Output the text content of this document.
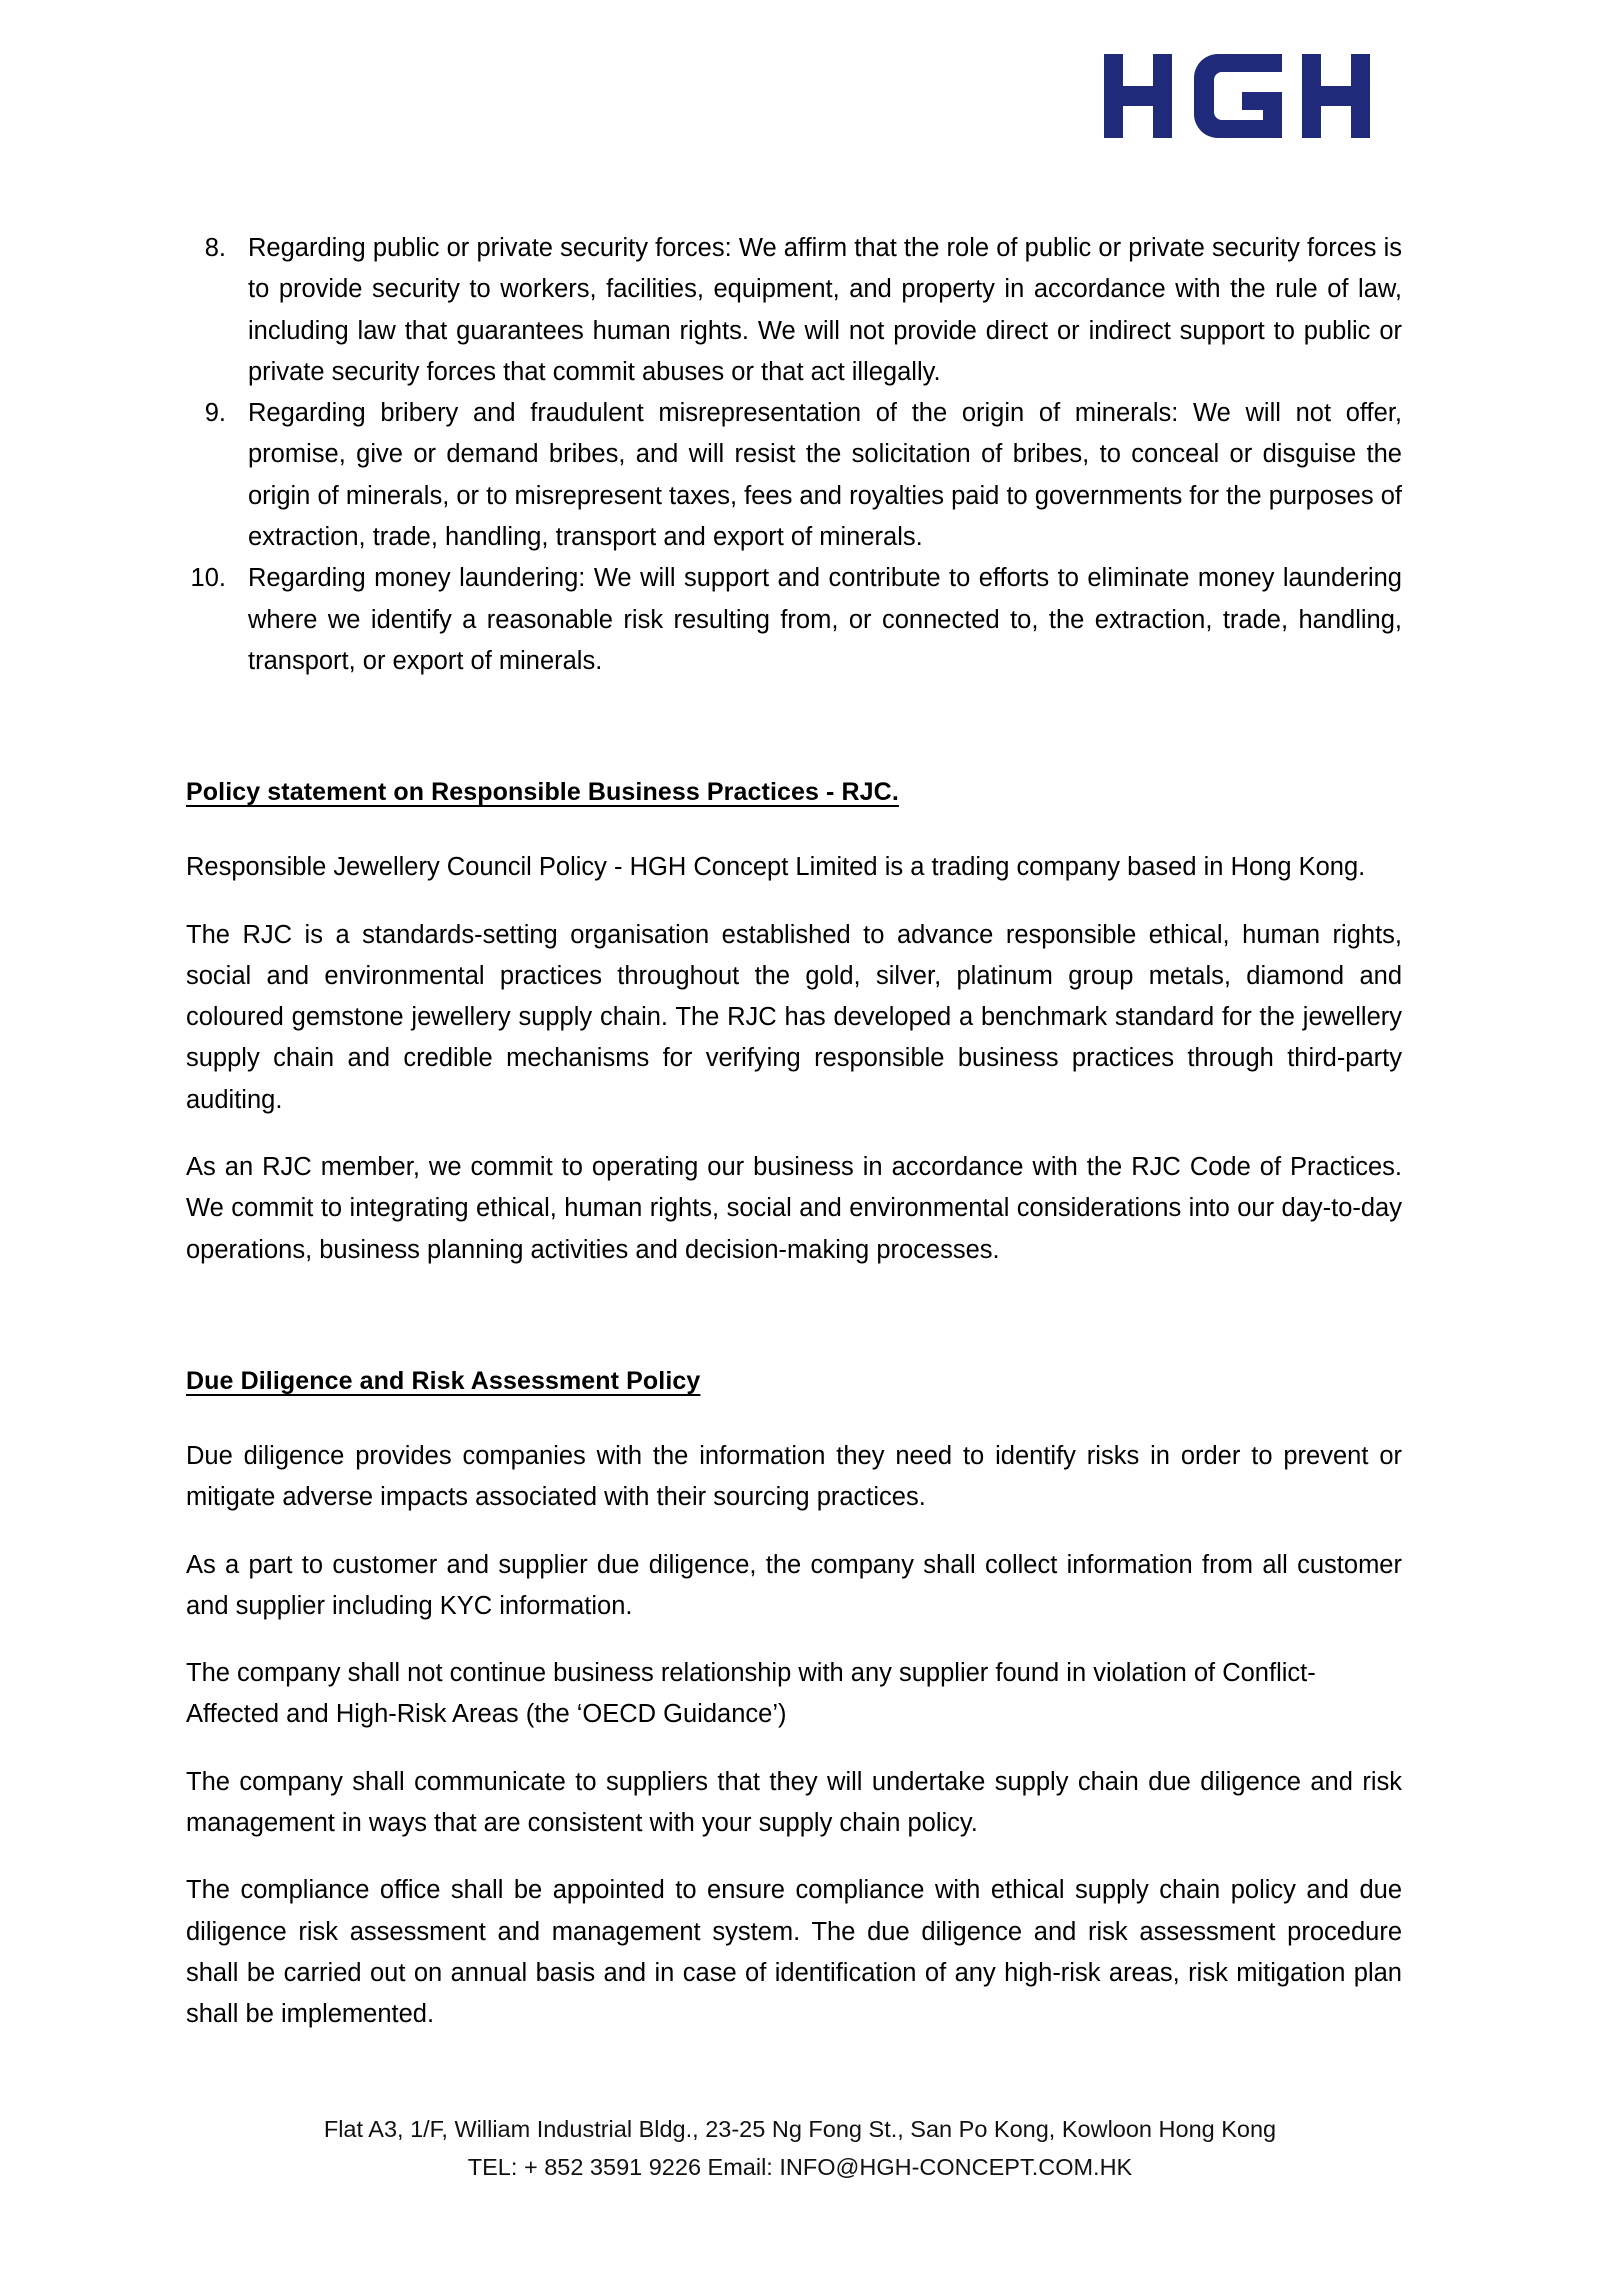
8. Regarding public or private security forces: We affirm that the role of public or private security forces is to provide security to workers, facilities, equipment, and property in accordance with the rule of law, including law that guarantees human rights. We will not provide direct or indirect support to public or private security forces that commit abuses or that act illegally.
9. Regarding bribery and fraudulent misrepresentation of the origin of minerals: We will not offer, promise, give or demand bribes, and will resist the solicitation of bribes, to conceal or disguise the origin of minerals, or to misrepresent taxes, fees and royalties paid to governments for the purposes of extraction, trade, handling, transport and export of minerals.
10. Regarding money laundering: We will support and contribute to efforts to eliminate money laundering where we identify a reasonable risk resulting from, or connected to, the extraction, trade, handling, transport, or export of minerals.
Policy statement on Responsible Business Practices - RJC.

Responsible Jewellery Council Policy - HGH Concept Limited is a trading company based in Hong Kong.

The RJC is a standards-setting organisation established to advance responsible ethical, human rights, social and environmental practices throughout the gold, silver, platinum group metals, diamond and coloured gemstone jewellery supply chain. The RJC has developed a benchmark standard for the jewellery supply chain and credible mechanisms for verifying responsible business practices through third-party auditing.

As an RJC member, we commit to operating our business in accordance with the RJC Code of Practices. We commit to integrating ethical, human rights, social and environmental considerations into our day-to-day operations, business planning activities and decision-making processes.

Due Diligence and Risk Assessment Policy

Due diligence provides companies with the information they need to identify risks in order to prevent or mitigate adverse impacts associated with their sourcing practices.

As a part to customer and supplier due diligence, the company shall collect information from all customer and supplier including KYC information.

The company shall not continue business relationship with any supplier found in violation of Conflict-Affected and High-Risk Areas (the ‘OECD Guidance’)

The company shall communicate to suppliers that they will undertake supply chain due diligence and risk management in ways that are consistent with your supply chain policy.

The compliance office shall be appointed to ensure compliance with ethical supply chain policy and due diligence risk assessment and management system. The due diligence and risk assessment procedure shall be carried out on annual basis and in case of identification of any high-risk areas, risk mitigation plan shall be implemented.

Flat A3, 1/F, William Industrial Bldg., 23-25 Ng Fong St., San Po Kong, Kowloon Hong Kong
TEL: + 852 3591 9226 Email: INFO@HGH-CONCEPT.COM.HK
